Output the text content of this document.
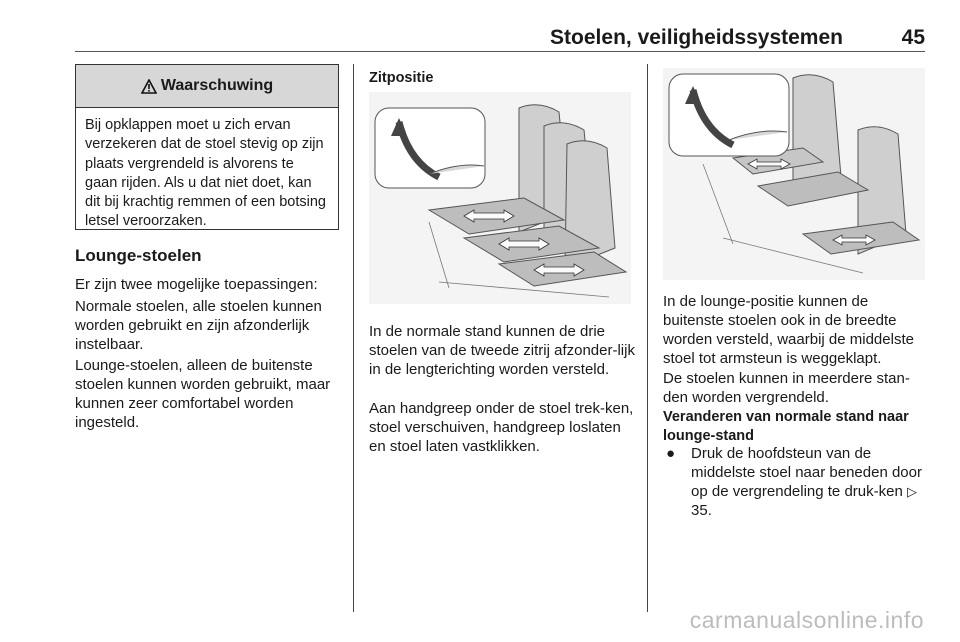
Stoelen, veiligheidssystemen	45
Waarschuwing
Bij opklappen moet u zich ervan verzekeren dat de stoel stevig op zijn plaats vergrendeld is alvorens te gaan rijden. Als u dat niet doet, kan dit bij krachtig remmen of een botsing letsel veroorzaken.
Lounge-stoelen
Er zijn twee mogelijke toepassingen:
Normale stoelen, alle stoelen kunnen worden gebruikt en zijn afzonderlijk instelbaar.
Lounge-stoelen, alleen de buitenste stoelen kunnen worden gebruikt, maar kunnen zeer comfortabel worden ingesteld.
Zitpositie
In de normale stand kunnen de drie stoelen van de tweede zitrij afzonder-lijk in de lengterichting worden versteld.
Aan handgreep onder de stoel trek-ken, stoel verschuiven, handgreep loslaten en stoel laten vastklikken.
In de lounge-positie kunnen de buitenste stoelen ook in de breedte worden versteld, waarbij de middelste stoel tot armsteun is weggeklapt.
De stoelen kunnen in meerdere stan-den worden vergrendeld.
Veranderen van normale stand naar lounge-stand
● Druk de hoofdsteun van de middelste stoel naar beneden door op de vergrendeling te druk-ken ▷ 35.
carmanualsonline.info
